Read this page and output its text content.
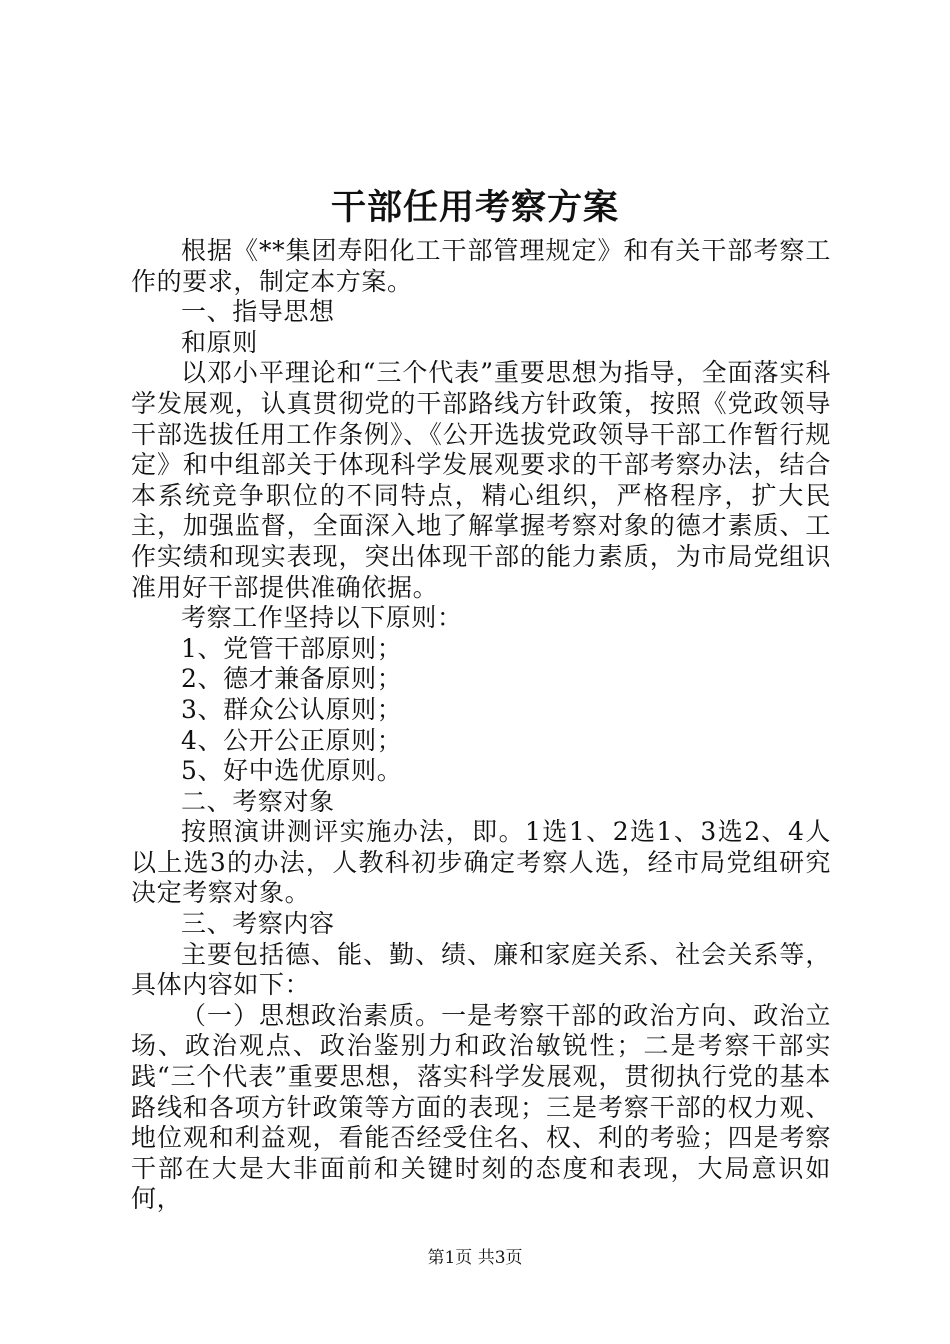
干部任用考察方案

根据《**集团寿阳化工干部管理规定》和有关干部考察工作的要求，制定本方案。

一、指导思想

和原则

以邓小平理论和“三个代表”重要思想为指导，全面落实科学发展观，认真贯彻党的干部路线方针政策，按照《党政领导干部选拔任用工作条例》、《公开选拔党政领导干部工作暂行规定》和中组部关于体现科学发展观要求的干部考察办法，结合本系统竞争职位的不同特点，精心组织，严格程序，扩大民主，加强监督，全面深入地了解掌握考察对象的德才素质、工作实绩和现实表现，突出体现干部的能力素质，为市局党组识准用好干部提供准确依据。

考察工作坚持以下原则：

1、党管干部原则；

2、德才兼备原则；

3、群众公认原则；

4、公开公正原则；

5、好中选优原则。

二、考察对象

按照演讲测评实施办法，即。1选1、2选1、3选2、4人以上选3的办法，人教科初步确定考察人选，经市局党组研究决定考察对象。

三、考察内容

主要包括德、能、勤、绩、廉和家庭关系、社会关系等，具体内容如下：

（一）思想政治素质。一是考察干部的政治方向、政治立场、政治观点、政治鉴别力和政治敏锐性；二是考察干部实践“三个代表”重要思想，落实科学发展观，贯彻执行党的基本路线和各项方针政策等方面的表现；三是考察干部的权力观、地位观和利益观，看能否经受住名、权、利的考验；四是考察干部在大是大非面前和关键时刻的态度和表现，大局意识如何，

第1页 共3页
